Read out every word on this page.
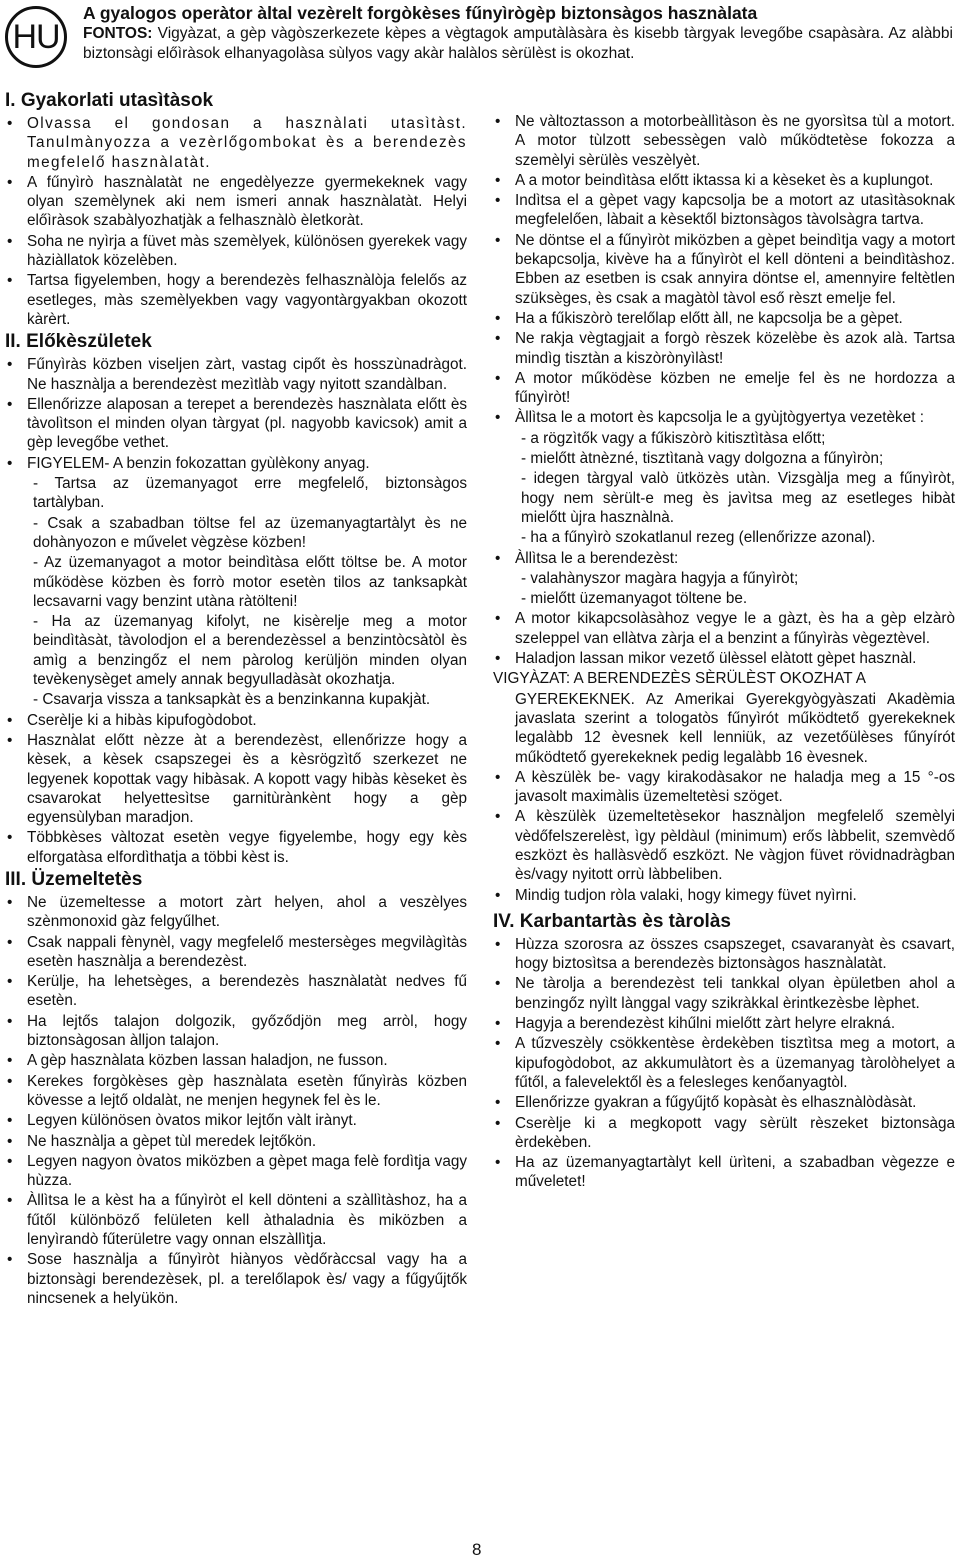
HU
A gyalogos operàtor àltal vezèrelt forgòkèses fűnyìrògèp biztonsàgos hasznàlata
FONTOS: Vigyàzat, a gèp vàgòszerkezete kèpes a vègtagok amputàlàsàra ès kisebb tàrgyak levegőbe csapàsàra. Az alàbbi biztonsàgi előìràsok elhanyagolàsa sùlyos vagy akàr halàlos sèrülèst is okozhat.
I. Gyakorlati utasìtàsok
• Olvassa el gondosan a hasznàlati utasìtàst. Tanulmànyozza a vezèrlőgombokat ès a berendezès megfelelő hasznàlatàt.
• A fűnyìrò hasznàlatàt ne engedèlyezze gyermekeknek vagy olyan szemèlynek aki nem ismeri annak hasznàlatàt. Helyi előìràsok szabàlyozhatjàk a felhasznàlò èletkoràt.
• Soha ne nyìrja a füvet màs szemèlyek, különösen gyerekek vagy hàziàllatok közelèben.
• Tartsa figyelemben, hogy a berendezès felhasznàlòja felelős az esetleges, màs szemèlyekben vagy vagyontàrgyakban okozott kàrèrt.
II. Előkèszületek
• Fűnyìràs közben viseljen zàrt, vastag cipőt ès hosszùnadràgot. Ne hasznàlja a berendezèst mezìtlàb vagy nyitott szandàlban.
• Ellenőrizze alaposan a terepet a berendezès hasznàlata előtt ès tàvolìtson el minden olyan tàrgyat (pl. nagyobb kavicsok) amit a gèp levegőbe vethet.
• FIGYELEM- A benzin fokozattan gyùlèkony anyag.
- Tartsa az üzemanyagot erre megfelelő, biztonsàgos tartàlyban.
- Csak a szabadban töltse fel az üzemanyagtartàlyt ès ne dohànyozon e művelet vègzèse közben!
- Az üzemanyagot a motor beindìtàsa előtt töltse be. A motor működèse közben ès forrò motor esetèn tilos az tanksapkàt lecsavarni vagy benzint utàna ràtölteni!
- Ha az üzemanyag kifolyt, ne kisèrelje meg a motor beindìtàsàt, tàvolodjon el a berendezèssel a benzintòcsàtòl ès amìg a benzingőz el nem pàrolog kerüljön minden olyan tevèkenysèget amely annak begyulladàsàt okozhatja.
- Csavarja vissza a tanksapkàt ès a benzinkanna kupakjàt.
• Cserèlje ki a hibàs kipufogòdobot.
• Hasznàlat előtt nèzze àt a berendezèst, ellenőrizze hogy a kèsek, a kèsek csapszegei ès a kèsrögzìtő szerkezet ne legyenek kopottak vagy hibàsak. A kopott vagy hibàs kèseket ès csavarokat helyettesìtse garnitùrànkènt hogy a gèp egyensùlyban maradjon.
• Többkèses vàltozat esetèn vegye figyelembe, hogy egy kès elforgatàsa elfordìthatja a többi kèst is.
III. Üzemeltetès
• Ne üzemeltesse a motort zàrt helyen, ahol a veszèlyes szènmonoxid gàz felgyűlhet.
• Csak nappali fènynèl, vagy megfelelő mestersèges megvilàgìtàs esetèn hasznàlja a berendezèst.
• Kerülje, ha lehetsèges, a berendezès hasznàlatàt nedves fű esetèn.
• Ha lejtős talajon dolgozik, győződjön meg arròl, hogy biztonsàgosan àlljon talajon.
• A gèp hasznàlata közben lassan haladjon, ne fusson.
• Kerekes forgòkèses gèp hasznàlata esetèn fűnyìràs közben kövesse a lejtő oldalàt, ne menjen hegynek fel ès le.
• Legyen különösen òvatos mikor lejtőn vàlt irànyt.
• Ne hasznàlja a gèpet tùl meredek lejtőkön.
• Legyen nagyon òvatos miközben a gèpet maga felè fordìtja vagy hùzza.
• Àllìtsa le a kèst ha a fűnyìròt el kell dönteni a szàllìtàshoz, ha a fűtől különböző felületen kell àthaladnia ès miközben a lenyìrandò fűterületre vagy onnan elszàllìtja.
• Sose hasznàlja a fűnyìròt hiànyos vèdőràccsal vagy ha a biztonsàgi berendezèsek, pl. a terelőlapok ès/ vagy a fűgyűjtők nincsenek a helyükön.
• Ne vàltoztasson a motorbeàllìtàson ès ne gyorsìtsa tùl a motort. A motor tùlzott sebessègen valò működtetèse fokozza a szemèlyi sèrülès veszèlyèt.
• A a motor beindìtàsa előtt iktassa ki a kèseket ès a kuplungot.
• Indìtsa el a gèpet vagy kapcsolja be a motort az utasìtàsoknak megfelelően, làbait a kèsektől biztonsàgos tàvolsàgra tartva.
• Ne döntse el a fűnyìròt miközben a gèpet beindìtja vagy a motort bekapcsolja, kivève ha a fűnyìròt el kell dönteni a beindìtàshoz. Ebben az esetben is csak annyira döntse el, amennyire feltètlen szüksèges, ès csak a magàtòl tàvol eső rèszt emelje fel.
• Ha a fűkiszòrò terelőlap előtt àll, ne kapcsolja be a gèpet.
• Ne rakja vègtagjait a forgò rèszek közelèbe ès azok alà. Tartsa mindìg tisztàn a kiszòrònyìlàst!
• A motor működèse közben ne emelje fel ès ne hordozza a fűnyìròt!
• Àllìtsa le a motort ès kapcsolja le a gyùjtògyertya vezetèket :
- a rögzìtők vagy a fűkiszòrò kitisztìtàsa előtt;
- mielőtt àtnèzné, tisztìtanà vagy dolgozna a fűnyìròn;
- idegen tàrgyal valò ütközès utàn. Vizsgàlja meg a fűnyìròt, hogy nem sèrült-e meg ès javìtsa meg az esetleges hibàt mielőtt ùjra hasznàlnà.
- ha a fűnyìrò szokatlanul rezeg (ellenőrizze azonal).
• Àllìtsa le a berendezèst:
- valahànyszor magàra hagyja a fűnyìròt;
- mielőtt üzemanyagot töltene be.
• A motor kikapcsolàsàhoz vegye le a gàzt, ès ha a gèp elzàrò szeleppel van ellàtva zàrja el a benzint a fűnyìràs vègeztèvel.
• Haladjon lassan mikor vezető ülèssel elàtott gèpet hasznàl.
VIGYÀZAT: A BERENDEZÈS SÈRÜLÈST OKOZHAT A
GYEREKEKNEK. Az Amerikai Gyerekgyògyàszati Akadèmia javaslata szerint a tologatòs fűnyìrót működtető gyerekeknek legalàbb 12 èvesnek kell lenniük, az vezetőülèses fűnyírót működtető gyerekeknek pedig legalàbb 16 èvesnek.
• A kèszülèk be- vagy kirakodàsakor ne haladja meg a 15 °-os javasolt maximàlis üzemeltetèsi szöget.
• A kèszülèk üzemeltetèsekor hasznàljon megfelelő szemèlyi vèdőfelszerelèst, ìgy pèldàul (minimum) erős làbbelit, szemvèdő eszközt ès hallàsvèdő eszközt. Ne vàgjon füvet rövidnadràgban ès/vagy nyitott orrù làbbeliben.
• Mindig tudjon ròla valaki, hogy kimegy füvet nyìrni.
IV. Karbantartàs ès tàrolàs
• Hùzza szorosra az összes csapszeget, csavaranyàt ès csavart, hogy biztosìtsa a berendezès biztonsàgos hasznàlatàt.
• Ne tàrolja a berendezèst teli tankkal olyan èpületben ahol a benzingőz nyìlt lànggal vagy szikràkkal èrintkezèsbe lèphet.
• Hagyja a berendezèst kihűlni mielőtt zàrt helyre elrakná.
• A tűzveszèly csökkentèse èrdekèben tisztìtsa meg a motort, a kipufogòdobot, az akkumulàtort ès a üzemanyag tàrolòhelyet a fűtől, a falevelektől ès a felesleges kenőanyagtòl.
• Ellenőrizze gyakran a fűgyűjtő kopàsàt ès elhasznàlòdàsàt.
• Cserèlje ki a megkopott vagy sèrült rèszeket biztonsàga èrdekèben.
• Ha az üzemanyagtartàlyt kell ürìteni, a szabadban vègezze e műveletet!
8
